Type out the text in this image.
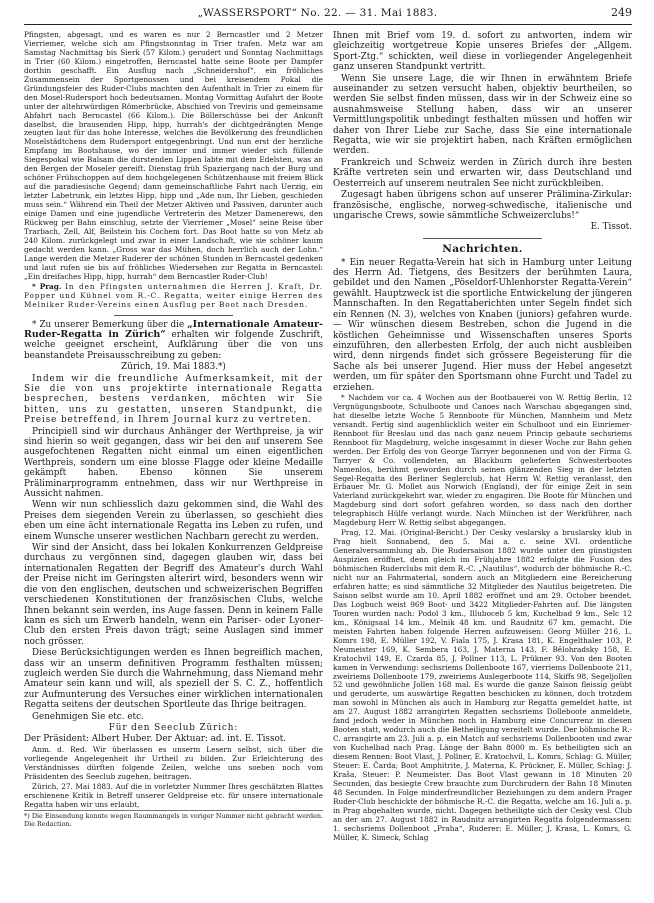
„WASSERSPORT“ No. 22. — 31. Mai 1883.	249

Pfingsten, abgesagt, und es waren es nur 2 Berncastler und 2 Metzer Vierriemer, welche sich am Pfingstsonntag in Trier trafen. Metz war am Samstag Nachmittag bis Sierk (57 Kilom.) gerudert und Sonntag Nachmittags in Trier (60 Kilom.) eingetroffen, Berncastel hatte seine Boote per Dampfer dorthin geschafft. Ein Ausflug nach „Schneidershof“, ein fröhliches Zusammensein der Sportgenossen und bei kreisendem Pokal die Gründungsfeier des Ruder-Clubs machten den Aufenthalt in Trier zu einem für den Mosel-Rudersport hoch bedeutsamen. Montag Vormittag Aufahrt der Boote unter der altehrwürdigen Römerbrücke, Abschied von Treviris und gemeinsame Abfahrt nach Berncastel (66 Kilom.). Die Böllerschüsse bei der Ankunft daselbst, die brausenden Hipp, hipp, hurrah's der dichtgedrängten Menge zeugten laut für das hohe Interesse, welches die Bevölkerung des freundlichen Moselstädtchens dem Rudersport entgegenbringt. Und nun erst der herzliche Empfang im Bootshause, wo der immer und immer wieder sich füllende Siegespokal wie Balsam die durstenden Lippen labte mit dem Edelsten, was an den Bergen der Moseler gereift. Dienstag früh Spaziergang nach der Burg und schöner Frühschoppen auf dem hochgelegenen Schützenhause mit freiem Blick auf die paradiesische Gegend; dann gemeinschaftliche Fahrt nach Uerzig, ein letzter Labetrunk, ein letztes Hipp, hipp und „Ade nun, Ihr Lieben, geschieden muss sein.“ Während ein Theil der Metzer Aktiven und Passiven, darunter auch einige Damen und eine jugendliche Vertreterin des Metzer Damenerews, den Rückweg per Bahn einschlug, setzte der Vierriemer „Mosel“ seine Reise über Trarbach, Zell, Alf, Beilstein bis Cochem fort. Das Boot hatte so von Metz ab 240 Kilom. zurückgelegt und zwar in einer Landschaft, wie sie schöner kaum gedacht werden kann. „Gross war das Mühen, doch herrlich auch der Lohn.“ Lange werden die Metzer Ruderer der schönen Stunden in Berncastel gedenken und laut rufen sie bis auf fröhliches Wiedersehen zur Regatta in Berncastel: „Ein dreifaches Hipp, hipp, hurrah“ dem Berncastler Ruder-Club!

* Prag. In den Pfingsten unternahmen die Herren J. Kraft, Dr. Popper und Kühnel vom R.-C. Regatta, weiter einige Herren des Melniker Ruder-Vereins einen Ausflug per Boot nach Dresden.

* Zu unserer Bemerkung über die „Internationale Amateur-Ruder-Regatta in Zürich“ erhalten wir folgende Zuschrift, welche geeignet erscheint, Aufklärung über die von uns beanstandete Preisausschreibung zu geben:

Zürich, 19. Mai 1883.*)

Indem wir die freundliche Aufmerksamkeit, mit der Sie die von uns projektirte internationale Regatta besprechen, bestens verdanken, möchten wir Sie bitten, uns zu gestatten, unseren Standpunkt, die Preise betreffend, in Ihrem Journal kurz zu vertreten.

Principiell sind wir durchaus Anhänger der Werthpreise, ja wir sind hierin so weit gegangen, dass wir bei den auf unserem See ausgefochtenen Regatten nicht einmal um einen eigentlichen Werthpreis, sondern um eine blosse Flagge oder kleine Medaille gekämpft haben. Ebenso können Sie unserem Präliminarprogramm entnehmen, dass wir nur Werthpreise in Aussicht nahmen.

Wenn wir nun schliesslich dazu gekommen sind, die Wahl des Preises dem siegenden Verein zu überlassen, so geschieht dies eben um eine ächt internationale Regatta ins Leben zu rufen, und einem Wunsche unserer westlichen Nachbarn gerecht zu werden.

Wir sind der Ansicht, dass bei lokalen Konkurrenzen Geldpreise durchaus zu vergönnen sind, dagegen glauben wir, dass bei internationalen Regatten der Begriff des Amateur's durch Wahl der Preise nicht im Geringsten alterirt wird, besonders wenn wir die von den englischen, deutschen und schweizerischen Begriffen verschiedenen Konstitutionen der französischen Clubs, welche Ihnen bekannt sein werden, ins Auge fassen. Denn in keinem Falle kann es sich um Erwerb handeln, wenn ein Pariser- oder Lyoner-Club den ersten Preis davon trägt; seine Auslagen sind immer noch grösser.

Diese Berücksichtigungen werden es Ihnen begreiflich machen, dass wir an unserm definitiven Programm festhalten müssen; zugleich werden Sie durch die Wahrnehmung, dass Niemand mehr Amateur sein kann und will, als speziell der S. C. Z., hoffentlich zur Aufmunterung des Versuches einer wirklichen internationalen Regatta seitens der deutschen Sportleute das Ihrige beitragen.

Genehmigen Sie etc. etc.

Für den Seeclub Zürich:

Der Präsident: Albert Huber. Der Aktuar: ad. int. E. Tissot.

Anm. d. Red. Wir überlassen es unserm Lesern selbst, sich über die vorliegende Angelegenheit ihr Urtheil zu bilden. Zur Erleichterung des Verständnisses dürften folgende Zeilen, welche uns soeben noch vom Präsidenten des Seeclub zugehen, beitragen.

Zürich, 27. Mai 1883. Auf die in vorletzter Nummer Ihres geschätzten Blattes erschienene Kritik in Betreff unserer Geldpreise etc. für unsere internationale Regatta haben wir uns erlaubt,

*) Die Einsendung konnte wegen Raummangels in voriger Nummer nicht gebracht werden. Die Redaction.

Ihnen mit Brief vom 19. d. sofort zu antworten, indem wir gleichzeitig wortgetreue Kopie unseres Briefes der „Allgem. Sport-Ztg.“ schickten, weil diese in vorliegender Angelegenheit ganz unseren Standpunkt vertritt.

Wenn Sie unsere Lage, die wir Ihnen in erwähntem Briefe auseinander zu setzen versucht haben, objektiv beurtheilen, so werden Sie selbst finden müssen, dass wir in der Schweiz eine so ausnahmsweise Stellung haben, dass wir an unserer Vermittlungspolitik unbedingt festhalten müssen und hoffen wir daher von Ihrer Liebe zur Sache, dass Sie eine internationale Regatta, wie wir sie projektirt haben, nach Kräften ermöglichen werden.

Frankreich und Schweiz werden in Zürich durch ihre besten Kräfte vertreten sein und erwarten wir, dass Deutschland und Oesterreich auf unserem neutralen See nicht zurückbleiben.

Zugesagt haben übrigens schon auf unserer Prälimina-Zirkular: französische, englische, norweg-schwedische, italienische und ungarische Crews, sowie sämmtliche Schweizerclubs!“

E. Tissot.

Nachrichten.

* Ein neuer Regatta-Verein hat sich in Hamburg unter Leitung des Herrn Ad. Tietgens, des Besitzers der berühmten Laura, gebildet und den Namen „Pöseldorf-Uhlenhorster Regatta-Verein“ gewählt. Hauptzweck ist die sportliche Entwickelung der jüngeren Mannschaften. In den Regattaberichten unter Segeln findet sich ein Rennen (N. 3), welches von Knaben (juniors) gefahren wurde. — Wir wünschen diesem Bestreben, schon die Jugend in die köstlichen Geheimnisse und Wissenschaften unseres Sports einzuführen, den allerbesten Erfolg, der auch nicht ausbleiben wird, denn nirgends findet sich grössere Begeisterung für die Sache als bei unserer Jugend. Hier muss der Hebel angesetzt werden, um für später den Sportsmann ohne Furcht und Tadel zu erziehen.

* Nachdem vor ca. 4 Wochen aus der Bootbauerei von W. Rettig Berlin, 12 Vergnügungsboote, Schulboote und Canoes nach Warschau abgegangen sind, hat dieselbe letzte Woche 5 Rennboote für München, Mannheim und Metz versandt. Fertig sind augenblicklich weiter ein Schulboot und ein Einriemer-Rennboot für Breslau und das nach ganz neuem Princip gebaute sechsriems Rennboot für Magdeburg, welche insgesammt in dieser Woche zur Bahn gehen werden. Der Erfolg des von George Tarryer begonnenen und von der Firma G. Tarryer & Co. vollendeten, an Blackburn gelieferten Schwesterbootes Namenlos, berühmt geworden durch seinen glänzenden Sieg in der letzten Segel-Regatta des Berliner Seglerclub, hat Herrn W. Rettig veranlasst, den Erbauer Mr. G. Mollet aus Norwich (England), der für einige Zeit in sein Vaterland zurückgekehrt war, wieder zu engagiren. Die Boote für München und Magdeburg sind dort sofort gefahren worden, so dass nach den dorther telegraphisch Hülfe verlangt wurde. Nach München ist der Werkführer, nach Magdeburg Herr W. Rettig selbst abgegangen.

Prag, 12. Mai. (Original-Bericht.) Der Cesky veslarsky a bruslarsky klub in Prag hielt Sonnabend, den 5. Mai a. c. seine XVI. ordentliche Generalversammlung ab. Die Rudersaison 1882 wurde unter den günstigsten Auspizien eröffnet, denn gleich im Frühjahre 1882 erfolgte die Fusion des böhmischen Ruderclubs mit dem R.-C. „Nautilus“, wodurch der böhmische R.-C. nicht nur an Fahrmaterial, sondern auch an Mitgliedern eine Bereicherung erfahren hatte; es sind sämmtliche 32 Mitglieder des Nautilus beigetreten. Die Saison selbst wurde am 10. April 1882 eröffnet und am 29. October beendet. Das Logbuch weist 969 Boot- und 3422 Mitglieder-Fahrten auf. Die längsten Touren wurden nach: Podol 3 km., Illuboceb 5 km, Kuchelbad 9 km., Selc 12 km., Königsaal 14 km., Melnik 48 km. und Raudnitz 67 km. gemacht. Die meisten Fahrten haben folgende Herren aufzuweisen: Georg Müller 216, L. Komrs 198, E. Müller 192, V. Fiala 175, J. Krasa 181, K. Engelthaler 103, P. Neumeister 169, K. Sembera 163, J. Materna 143, F. Bělohradsky 158, E. Kratochvil 149, E. Czarda 85, J. Pollner 113, L. Prükner 93. Von den Booten kamen in Verwendung: sechsriems Dollenboote 167, vierriems Dollenboote 211, zweiriems Dollenboote 179, zweiriems Auslegerboote 114, Skiffs 98, Segeljollen 52 und gewöhnliche Jollen 168 mal. Es wurde die ganze Saison fleissig geübt und geruderte, um auswärtige Regatten beschicken zu können, doch trotzdem man sowohl in München als auch in Hamburg zur Regatta gemeldet hatte, ist am 27. August 1882 arrangirten Regatten sechsriems Dolleboote anmeldete, fand jedoch weder in München noch in Hamburg eine Concurrenz in diesen Booten statt, wodurch auch die Betheiligung vereitelt wurde. Der böhmische R.-C. arrangirte am 23. Juli a. p. ein Match auf sechsriems Dollenbooten und zwar von Kuchelbad nach Prag. Länge der Bahn 8000 m. Es betheiligten sich an diesem Rennen: Boot Vlast, J. Pollner, E. Kratochvil, L. Komrs, Schlag: G. Müller, Steuer: E. Čarda; Boot Amphitrite, J. Materna, K. Prückner, E. Müller, Schlag: J. Kraša, Steuer: P. Neumeister. Das Boot Vlast gewann in 18 Minuten 20 Secunden, das besiegte Crew brauchte zum Durchrudern der Bahn 18 Minuten 48 Secunden. In Folge minderfreundlicher Beziehungen zu dem andern Prager Ruder-Club beschickte der böhmische R.-C. die Regatta, welche am 16. Juli a. p. in Prag abgehalten wurde, nicht. Dagegen betheiligte sich der Cesky vesl. Club an der am 27. August 1882 in Raudnitz arrangirten Regatta folgendermassen: 1. sechsriems Dollenboot „Praha“, Ruderer: E. Müller, J. Krasa, L. Komrs, G. Müller, K. Simeck, Schlag
